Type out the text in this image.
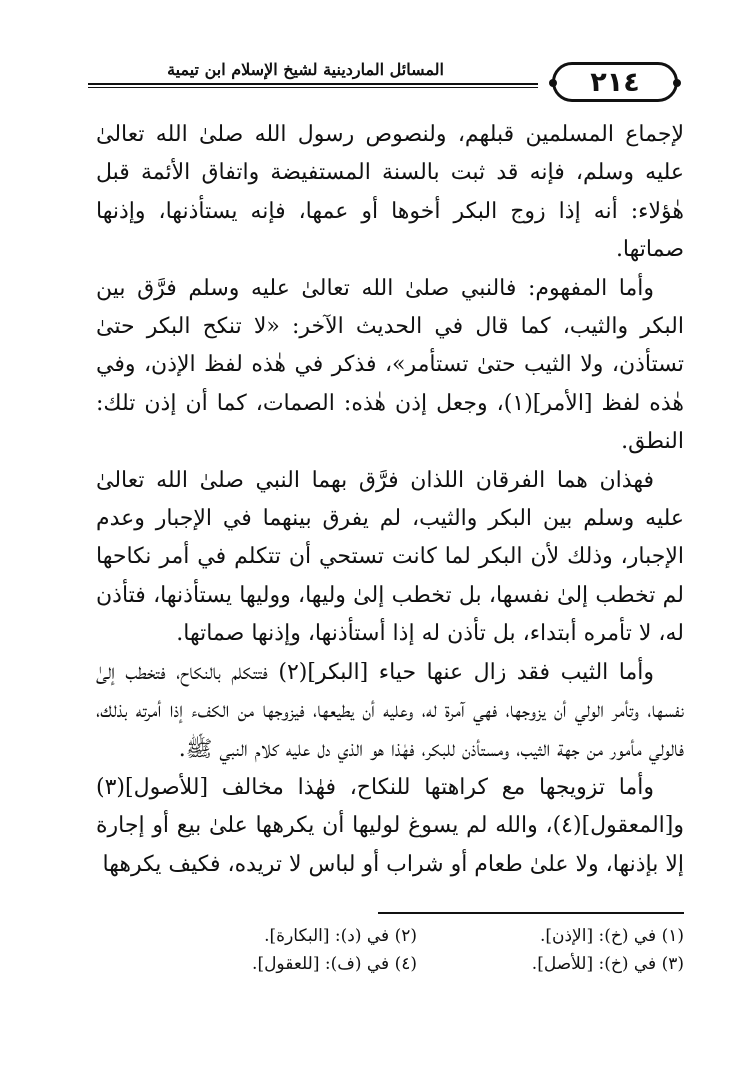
المسائل الماردينية لشيخ الإسلام ابن تيمية	٢١٤

لإجماع المسلمين قبلهم، ولنصوص رسول الله صلىٰ الله تعالىٰ عليه وسلم، فإنه قد ثبت بالسنة المستفيضة واتفاق الأئمة قبل هٰؤلاء: أنه إذا زوج البكر أخوها أو عمها، فإنه يستأذنها، وإذنها صماتها.

وأما المفهوم: فالنبي صلىٰ الله تعالىٰ عليه وسلم فرَّق بين البكر والثيب، كما قال في الحديث الآخر: «لا تنكح البكر حتىٰ تستأذن، ولا الثيب حتىٰ تستأمر»، فذكر في هٰذه لفظ الإذن، وفي هٰذه لفظ [الأمر](١)، وجعل إذن هٰذه: الصمات، كما أن إذن تلك: النطق.

فهذان هما الفرقان اللذان فرَّق بهما النبي صلىٰ الله تعالىٰ عليه وسلم بين البكر والثيب، لم يفرق بينهما في الإجبار وعدم الإجبار، وذلك لأن البكر لما كانت تستحي أن تتكلم في أمر نكاحها لم تخطب إلىٰ نفسها، بل تخطب إلىٰ وليها، ووليها يستأذنها، فتأذن له، لا تأمره أبتداء، بل تأذن له إذا أستأذنها، وإذنها صماتها.

وأما الثيب فقد زال عنها حياء [البكر](٢) فتتكلم بالنكاح، فتخطب إلىٰ نفسها، وتأمر الولي أن يزوجها، فهي آمرة له، وعليه أن يطيعها، فيزوجها من الكفء إذا أمرته بذلك، فالولي مأمور من جهة الثيب، ومستأذن للبكر، فهٰذا هو الذي دل عليه كلام النبي ﷺ.

وأما تزويجها مع كراهتها للنكاح، فهٰذا مخالف [للأصول](٣) و[المعقول](٤)، والله لم يسوغ لوليها أن يكرهها علىٰ بيع أو إجارة إلا بإذنها، ولا علىٰ طعام أو شراب أو لباس لا تريده، فكيف يكرهها

(١) في (خ): [الإذن].
(٢) في (د): [البكارة].
(٣) في (خ): [للأصل].
(٤) في (ف): [للعقول].
